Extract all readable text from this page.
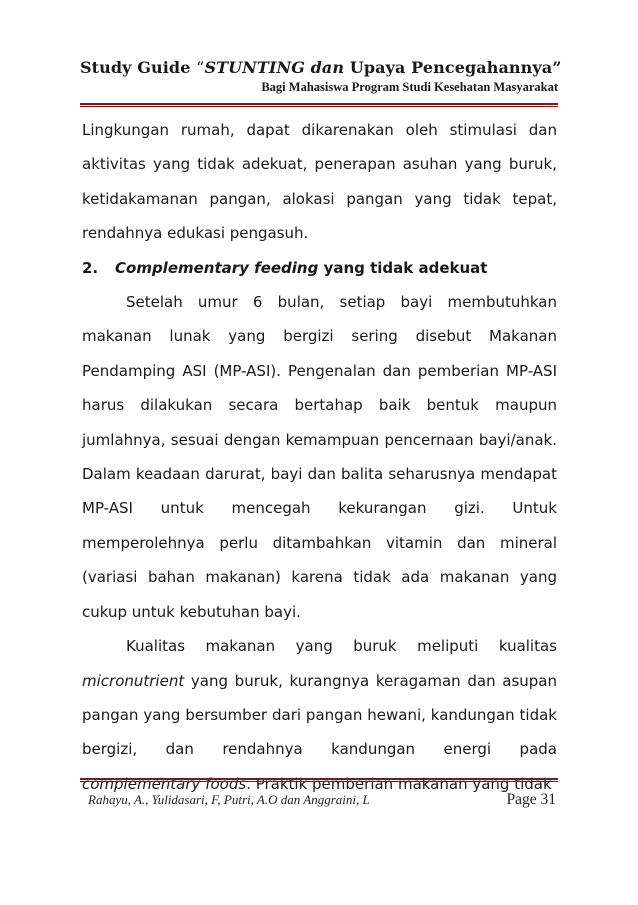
Study Guide “STUNTING dan Upaya Pencegahannya”
Bagi Mahasiswa Program Studi Kesehatan Masyarakat

Lingkungan rumah, dapat dikarenakan oleh stimulasi dan aktivitas yang tidak adekuat, penerapan asuhan yang buruk, ketidakamanan pangan, alokasi pangan yang tidak tepat, rendahnya edukasi pengasuh.

2. Complementary feeding yang tidak adekuat

Setelah umur 6 bulan, setiap bayi membutuhkan makanan lunak yang bergizi sering disebut Makanan Pendamping ASI (MP-ASI). Pengenalan dan pemberian MP-ASI harus dilakukan secara bertahap baik bentuk maupun jumlahnya, sesuai dengan kemampuan pencernaan bayi/anak. Dalam keadaan darurat, bayi dan balita seharusnya mendapat MP-ASI untuk mencegah kekurangan gizi. Untuk memperolehnya perlu ditambahkan vitamin dan mineral (variasi bahan makanan) karena tidak ada makanan yang cukup untuk kebutuhan bayi.

Kualitas makanan yang buruk meliputi kualitas micronutrient yang buruk, kurangnya keragaman dan asupan pangan yang bersumber dari pangan hewani, kandungan tidak bergizi, dan rendahnya kandungan energi pada complementary foods. Praktik pemberian makanan yang tidak

Rahayu, A., Yulidasari, F, Putri, A.O dan Anggraini, L	Page 31
